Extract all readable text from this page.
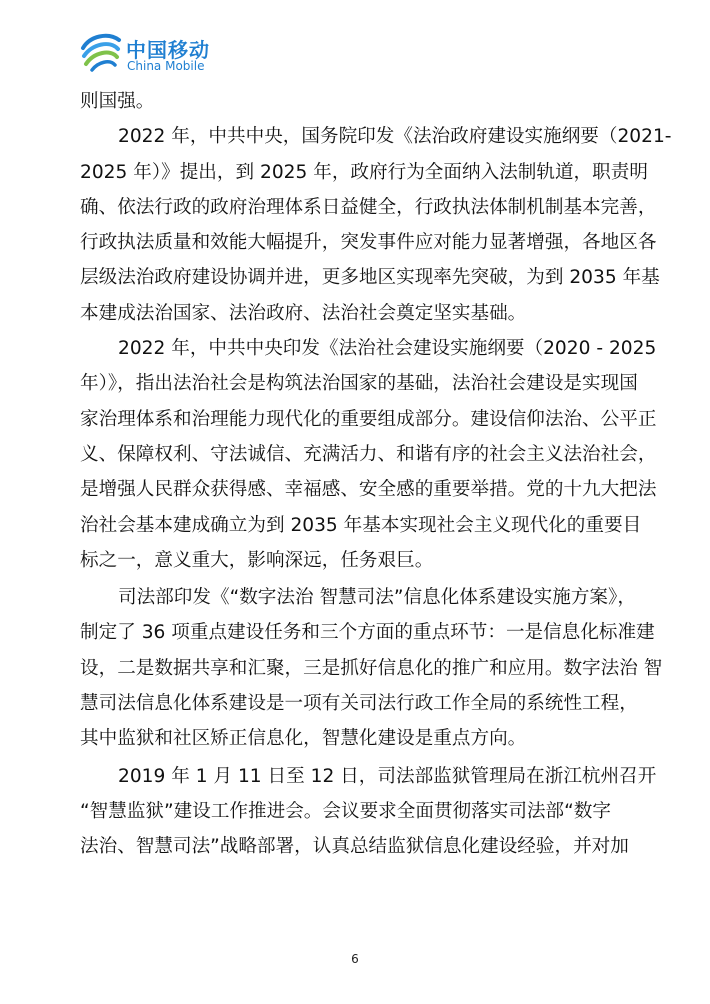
中国移动
China Mobile
则国强。
2022 年，中共中央，国务院印发《法治政府建设实施纲要（2021-
2025 年）》提出，到 2025 年，政府行为全面纳入法制轨道，职责明
确、依法行政的政府治理体系日益健全，行政执法体制机制基本完善，
行政执法质量和效能大幅提升，突发事件应对能力显著增强，各地区各
层级法治政府建设协调并进，更多地区实现率先突破，为到 2035 年基
本建成法治国家、法治政府、法治社会奠定坚实基础。
2022 年，中共中央印发《法治社会建设实施纲要（2020 - 2025
年）》，指出法治社会是构筑法治国家的基础，法治社会建设是实现国
家治理体系和治理能力现代化的重要组成部分。建设信仰法治、公平正
义、保障权利、守法诚信、充满活力、和谐有序的社会主义法治社会，
是增强人民群众获得感、幸福感、安全感的重要举措。党的十九大把法
治社会基本建成确立为到 2035 年基本实现社会主义现代化的重要目
标之一，意义重大，影响深远，任务艰巨。
司法部印发《“数字法治 智慧司法”信息化体系建设实施方案》，
制定了 36 项重点建设任务和三个方面的重点环节：一是信息化标准建
设，二是数据共享和汇聚，三是抓好信息化的推广和应用。数字法治 智
慧司法信息化体系建设是一项有关司法行政工作全局的系统性工程，
其中监狱和社区矫正信息化，智慧化建设是重点方向。
2019 年 1 月 11 日至 12 日，司法部监狱管理局在浙江杭州召开
“智慧监狱”建设工作推进会。会议要求全面贯彻落实司法部“数字
法治、智慧司法”战略部署，认真总结监狱信息化建设经验，并对加
6
